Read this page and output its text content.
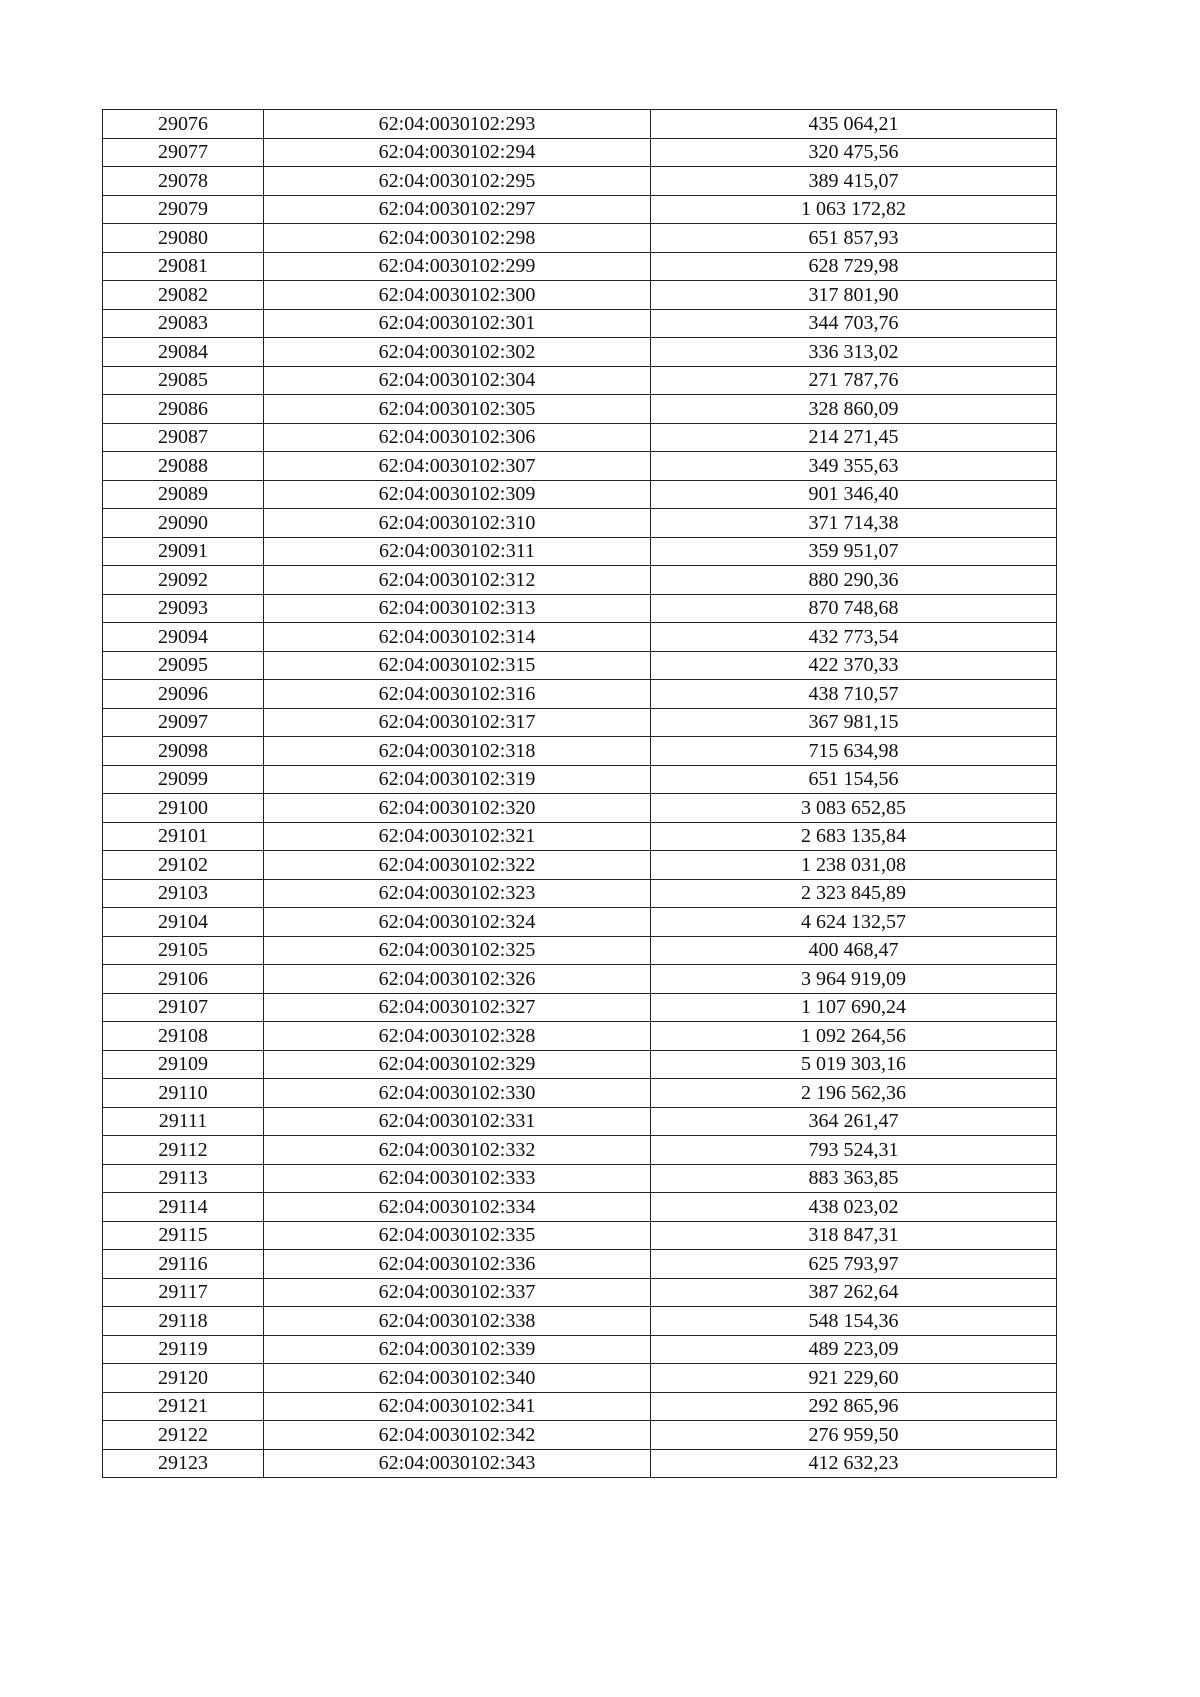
29076	62:04:0030102:293	435 064,21
29077	62:04:0030102:294	320 475,56
29078	62:04:0030102:295	389 415,07
29079	62:04:0030102:297	1 063 172,82
29080	62:04:0030102:298	651 857,93
29081	62:04:0030102:299	628 729,98
29082	62:04:0030102:300	317 801,90
29083	62:04:0030102:301	344 703,76
29084	62:04:0030102:302	336 313,02
29085	62:04:0030102:304	271 787,76
29086	62:04:0030102:305	328 860,09
29087	62:04:0030102:306	214 271,45
29088	62:04:0030102:307	349 355,63
29089	62:04:0030102:309	901 346,40
29090	62:04:0030102:310	371 714,38
29091	62:04:0030102:311	359 951,07
29092	62:04:0030102:312	880 290,36
29093	62:04:0030102:313	870 748,68
29094	62:04:0030102:314	432 773,54
29095	62:04:0030102:315	422 370,33
29096	62:04:0030102:316	438 710,57
29097	62:04:0030102:317	367 981,15
29098	62:04:0030102:318	715 634,98
29099	62:04:0030102:319	651 154,56
29100	62:04:0030102:320	3 083 652,85
29101	62:04:0030102:321	2 683 135,84
29102	62:04:0030102:322	1 238 031,08
29103	62:04:0030102:323	2 323 845,89
29104	62:04:0030102:324	4 624 132,57
29105	62:04:0030102:325	400 468,47
29106	62:04:0030102:326	3 964 919,09
29107	62:04:0030102:327	1 107 690,24
29108	62:04:0030102:328	1 092 264,56
29109	62:04:0030102:329	5 019 303,16
29110	62:04:0030102:330	2 196 562,36
29111	62:04:0030102:331	364 261,47
29112	62:04:0030102:332	793 524,31
29113	62:04:0030102:333	883 363,85
29114	62:04:0030102:334	438 023,02
29115	62:04:0030102:335	318 847,31
29116	62:04:0030102:336	625 793,97
29117	62:04:0030102:337	387 262,64
29118	62:04:0030102:338	548 154,36
29119	62:04:0030102:339	489 223,09
29120	62:04:0030102:340	921 229,60
29121	62:04:0030102:341	292 865,96
29122	62:04:0030102:342	276 959,50
29123	62:04:0030102:343	412 632,23
